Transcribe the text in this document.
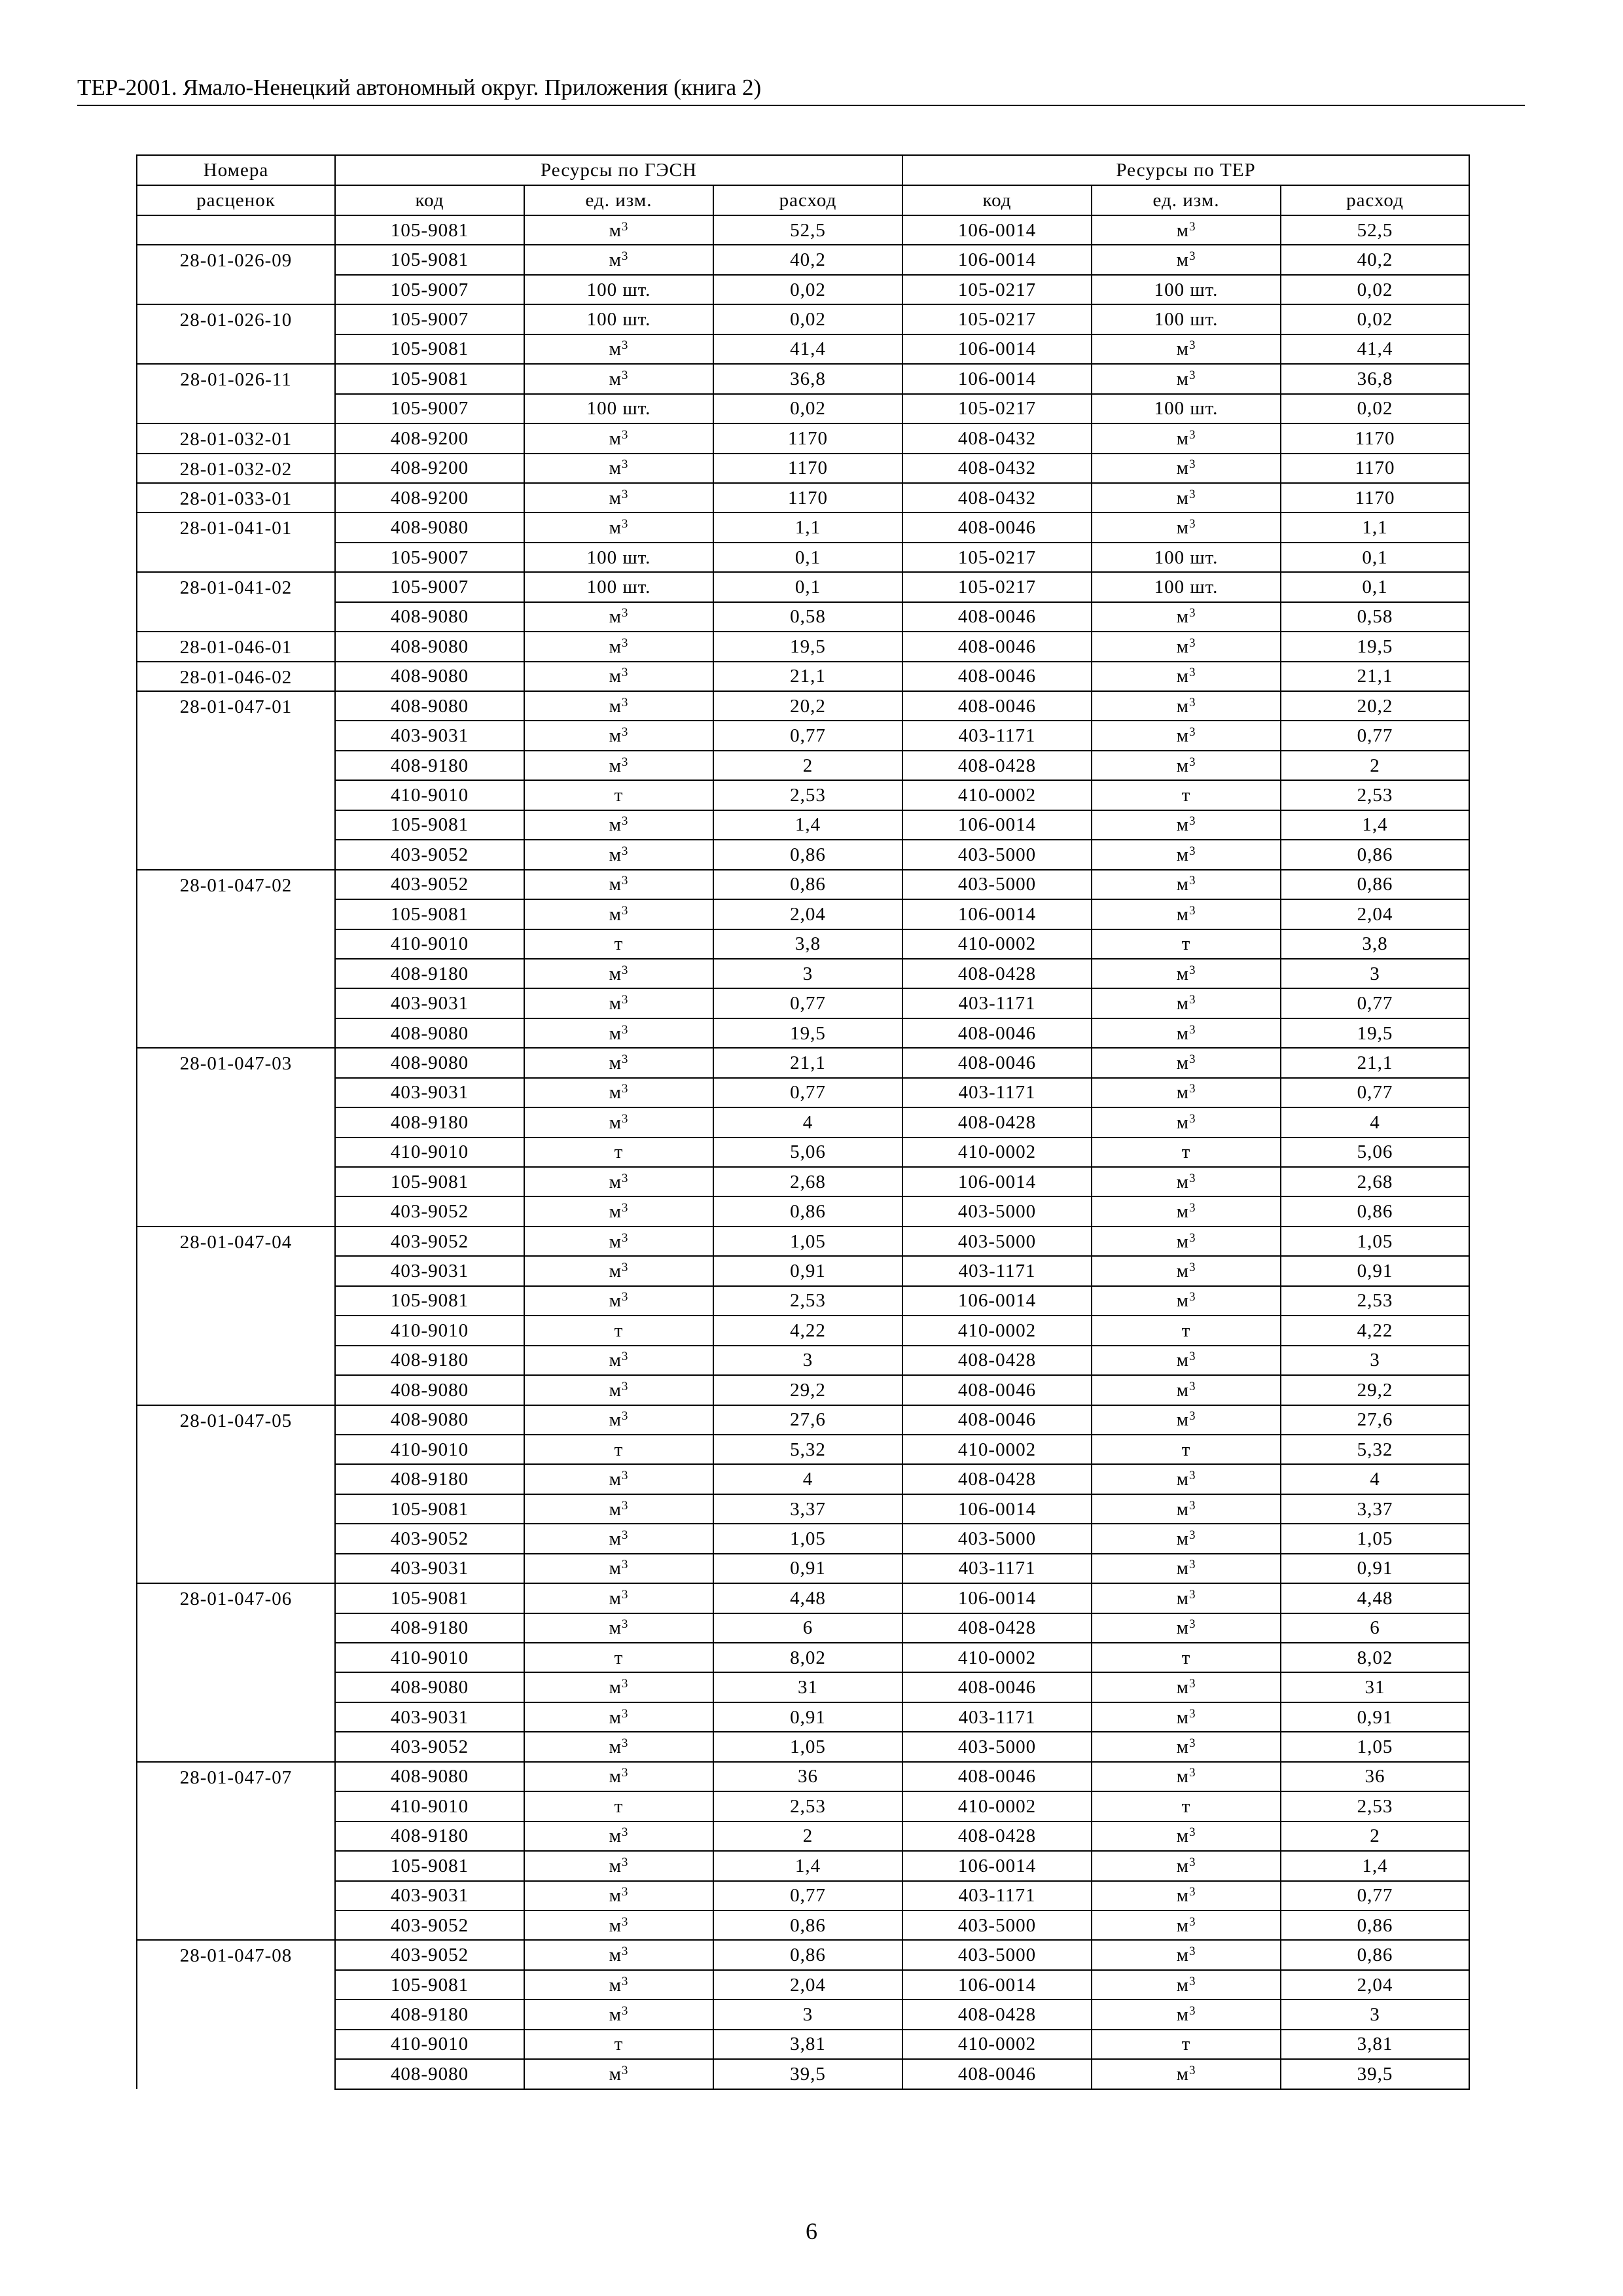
ТЕР-2001. Ямало-Ненецкий автономный округ. Приложения (книга 2)
Номера	Ресурсы по ГЭСН			Ресурсы по ТЕР		
расценок	код	ед. изм.	расход	код	ед. изм.	расход
	105-9081	$м^3$	52,5	106-0014	$м^3$	52,5
28-01-026-09	105-9081	$м^3$	40,2	106-0014	$м^3$	40,2
	105-9007	100 шт.	0,02	105-0217	100 шт.	0,02
28-01-026-10	105-9007	100 шт.	0,02	105-0217	100 шт.	0,02
	105-9081	$м^3$	41,4	106-0014	$м^3$	41,4
28-01-026-11	105-9081	$м^3$	36,8	106-0014	$м^3$	36,8
	105-9007	100 шт.	0,02	105-0217	100 шт.	0,02
28-01-032-01	408-9200	$м^3$	1170	408-0432	$м^3$	1170
28-01-032-02	408-9200	$м^3$	1170	408-0432	$м^3$	1170
28-01-033-01	408-9200	$м^3$	1170	408-0432	$м^3$	1170
28-01-041-01	408-9080	$м^3$	1,1	408-0046	$м^3$	1,1
	105-9007	100 шт.	0,1	105-0217	100 шт.	0,1
28-01-041-02	105-9007	100 шт.	0,1	105-0217	100 шт.	0,1
	408-9080	$м^3$	0,58	408-0046	$м^3$	0,58
28-01-046-01	408-9080	$м^3$	19,5	408-0046	$м^3$	19,5
28-01-046-02	408-9080	$м^3$	21,1	408-0046	$м^3$	21,1
28-01-047-01	408-9080	$м^3$	20,2	408-0046	$м^3$	20,2
	403-9031	$м^3$	0,77	403-1171	$м^3$	0,77
	408-9180	$м^3$	2	408-0428	$м^3$	2
	410-9010	т	2,53	410-0002	т	2,53
	105-9081	$м^3$	1,4	106-0014	$м^3$	1,4
	403-9052	$м^3$	0,86	403-5000	$м^3$	0,86
28-01-047-02	403-9052	$м^3$	0,86	403-5000	$м^3$	0,86
	105-9081	$м^3$	2,04	106-0014	$м^3$	2,04
	410-9010	т	3,8	410-0002	т	3,8
	408-9180	$м^3$	3	408-0428	$м^3$	3
	403-9031	$м^3$	0,77	403-1171	$м^3$	0,77
	408-9080	$м^3$	19,5	408-0046	$м^3$	19,5
28-01-047-03	408-9080	$м^3$	21,1	408-0046	$м^3$	21,1
	403-9031	$м^3$	0,77	403-1171	$м^3$	0,77
	408-9180	$м^3$	4	408-0428	$м^3$	4
	410-9010	т	5,06	410-0002	т	5,06
	105-9081	$м^3$	2,68	106-0014	$м^3$	2,68
	403-9052	$м^3$	0,86	403-5000	$м^3$	0,86
28-01-047-04	403-9052	$м^3$	1,05	403-5000	$м^3$	1,05
	403-9031	$м^3$	0,91	403-1171	$м^3$	0,91
	105-9081	$м^3$	2,53	106-0014	$м^3$	2,53
	410-9010	т	4,22	410-0002	т	4,22
	408-9180	$м^3$	3	408-0428	$м^3$	3
	408-9080	$м^3$	29,2	408-0046	$м^3$	29,2
28-01-047-05	408-9080	$м^3$	27,6	408-0046	$м^3$	27,6
	410-9010	т	5,32	410-0002	т	5,32
	408-9180	$м^3$	4	408-0428	$м^3$	4
	105-9081	$м^3$	3,37	106-0014	$м^3$	3,37
	403-9052	$м^3$	1,05	403-5000	$м^3$	1,05
	403-9031	$м^3$	0,91	403-1171	$м^3$	0,91
28-01-047-06	105-9081	$м^3$	4,48	106-0014	$м^3$	4,48
	408-9180	$м^3$	6	408-0428	$м^3$	6
	410-9010	т	8,02	410-0002	т	8,02
	408-9080	$м^3$	31	408-0046	$м^3$	31
	403-9031	$м^3$	0,91	403-1171	$м^3$	0,91
	403-9052	$м^3$	1,05	403-5000	$м^3$	1,05
28-01-047-07	408-9080	$м^3$	36	408-0046	$м^3$	36
	410-9010	т	2,53	410-0002	т	2,53
	408-9180	$м^3$	2	408-0428	$м^3$	2
	105-9081	$м^3$	1,4	106-0014	$м^3$	1,4
	403-9031	$м^3$	0,77	403-1171	$м^3$	0,77
	403-9052	$м^3$	0,86	403-5000	$м^3$	0,86
28-01-047-08	403-9052	$м^3$	0,86	403-5000	$м^3$	0,86
	105-9081	$м^3$	2,04	106-0014	$м^3$	2,04
	408-9180	$м^3$	3	408-0428	$м^3$	3
	410-9010	т	3,81	410-0002	т	3,81
	408-9080	$м^3$	39,5	408-0046	$м^3$	39,5
6
